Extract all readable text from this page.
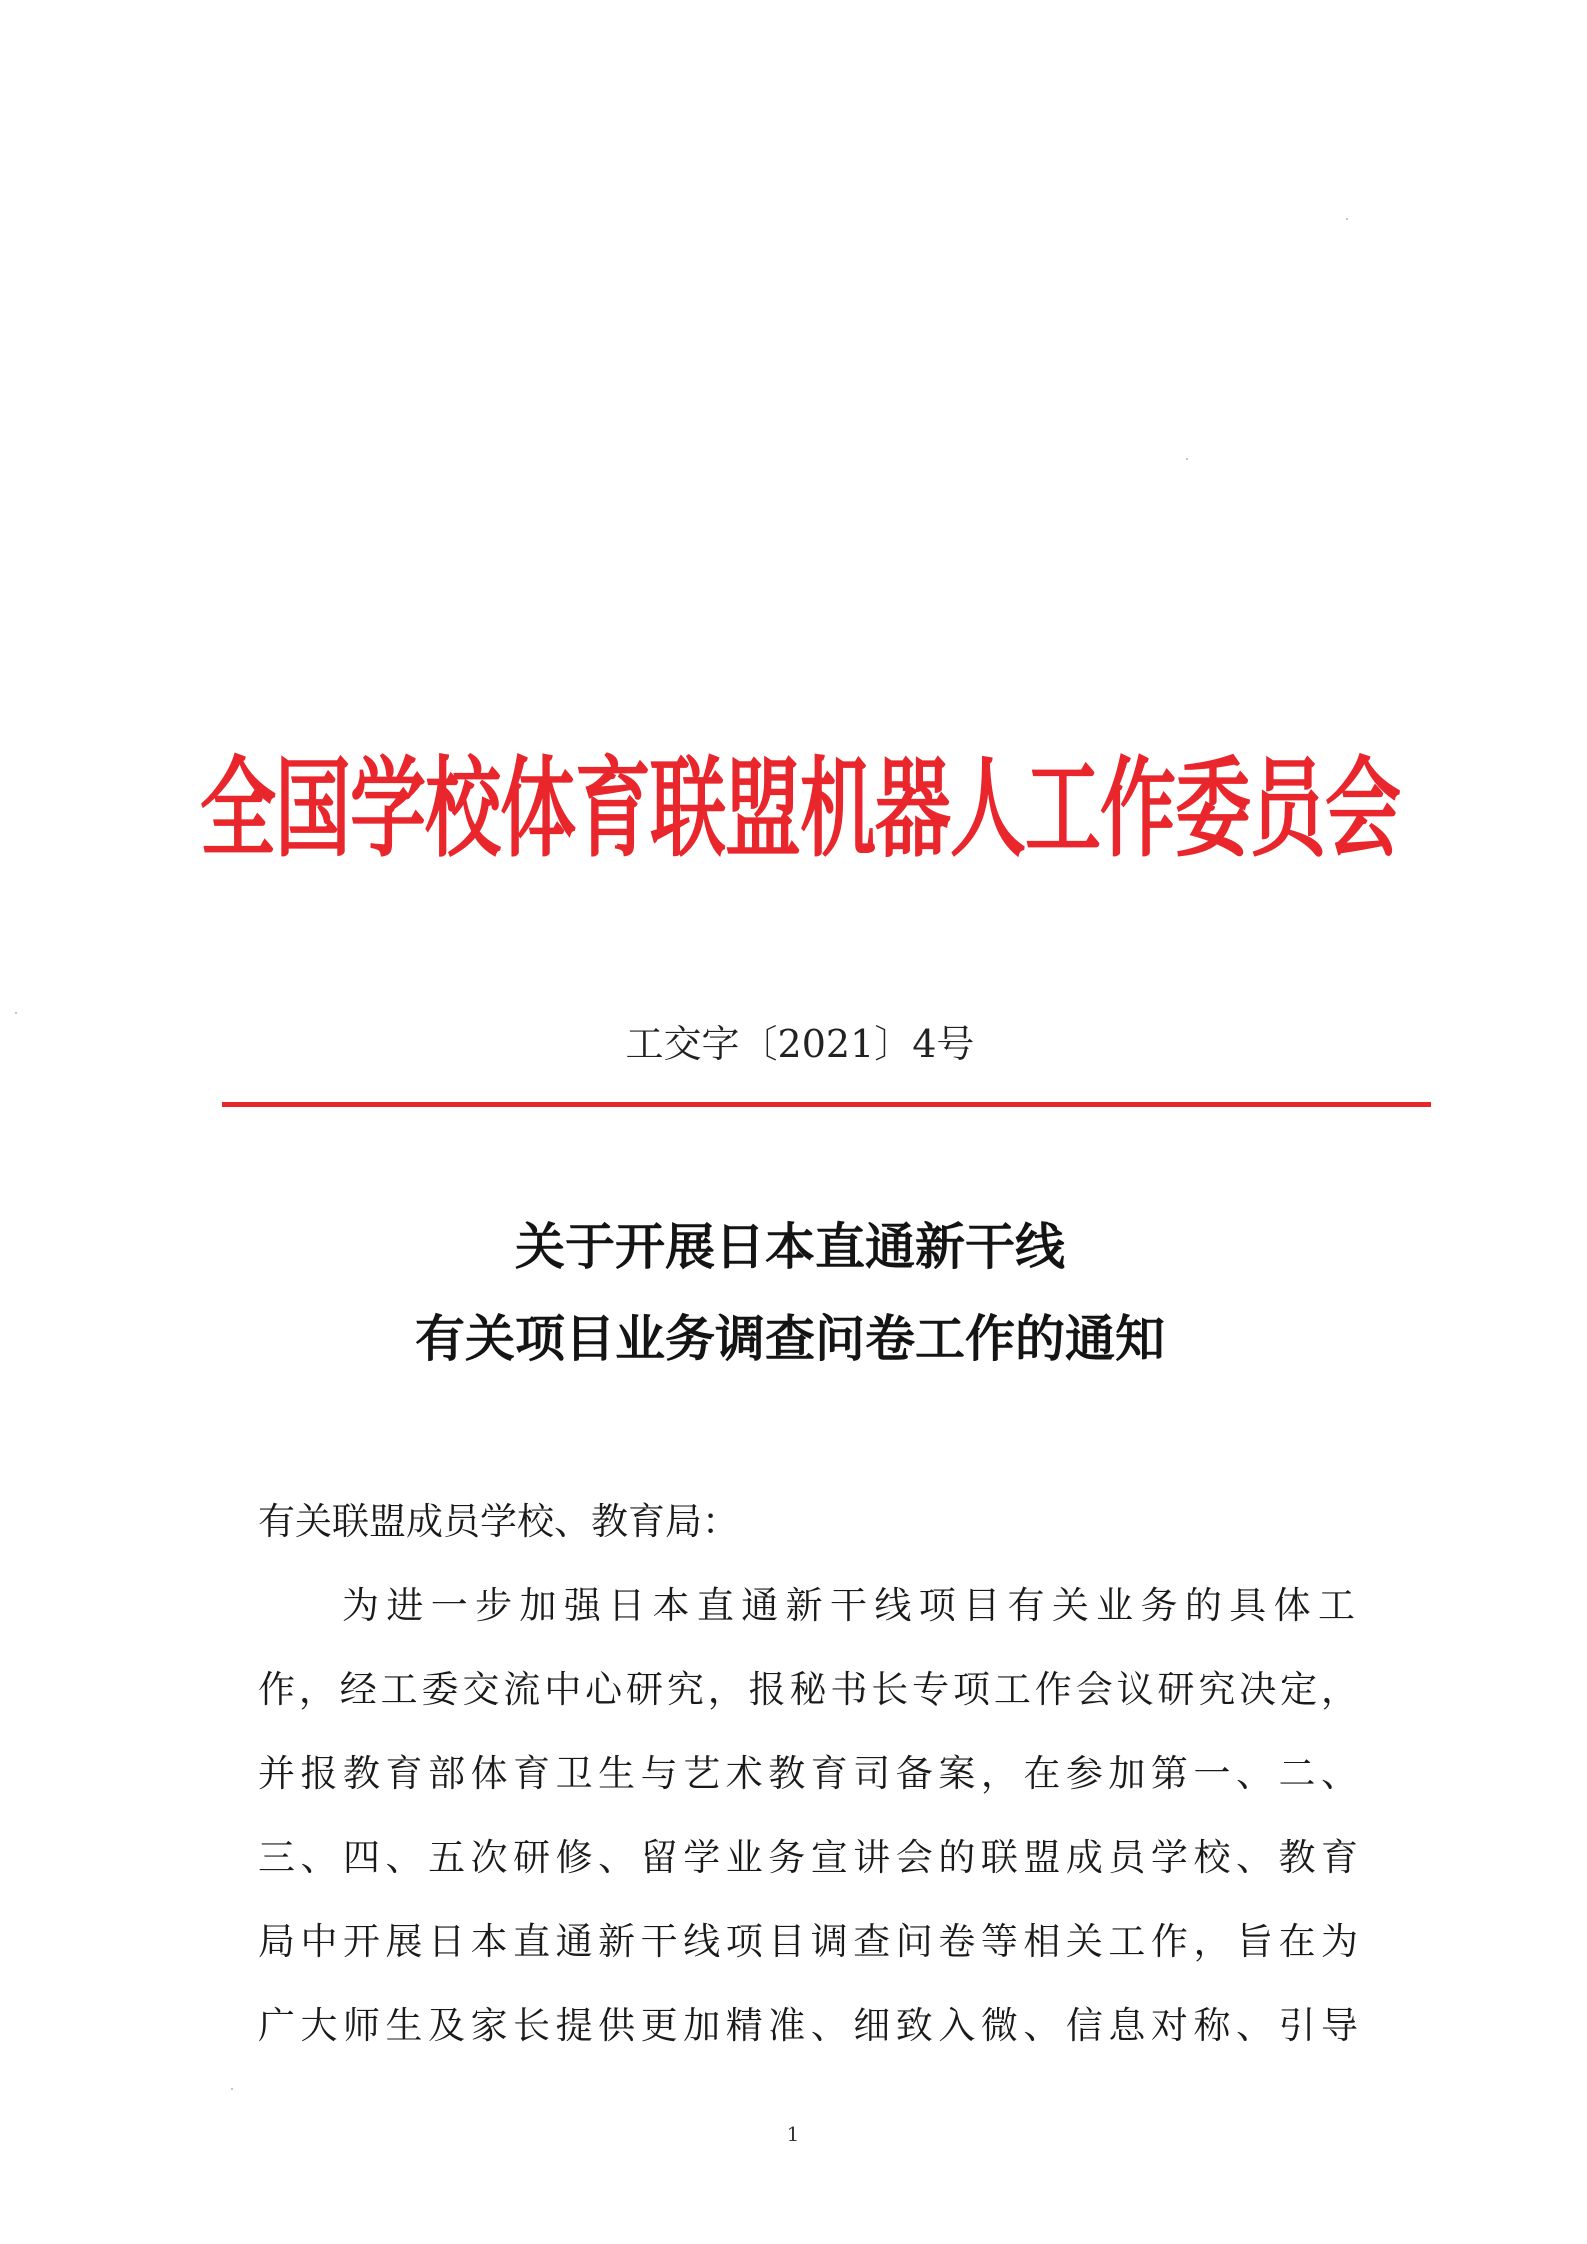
全国学校体育联盟机器人工作委员会
工交字〔2021〕4号
关于开展日本直通新干线
有关项目业务调查问卷工作的通知
有关联盟成员学校、教育局：
为进一步加强日本直通新干线项目有关业务的具体工
作，经工委交流中心研究，报秘书长专项工作会议研究决定，
并报教育部体育卫生与艺术教育司备案，在参加第一、二、
三、四、五次研修、留学业务宣讲会的联盟成员学校、教育
局中开展日本直通新干线项目调查问卷等相关工作，旨在为
广大师生及家长提供更加精准、细致入微、信息对称、引导
1
